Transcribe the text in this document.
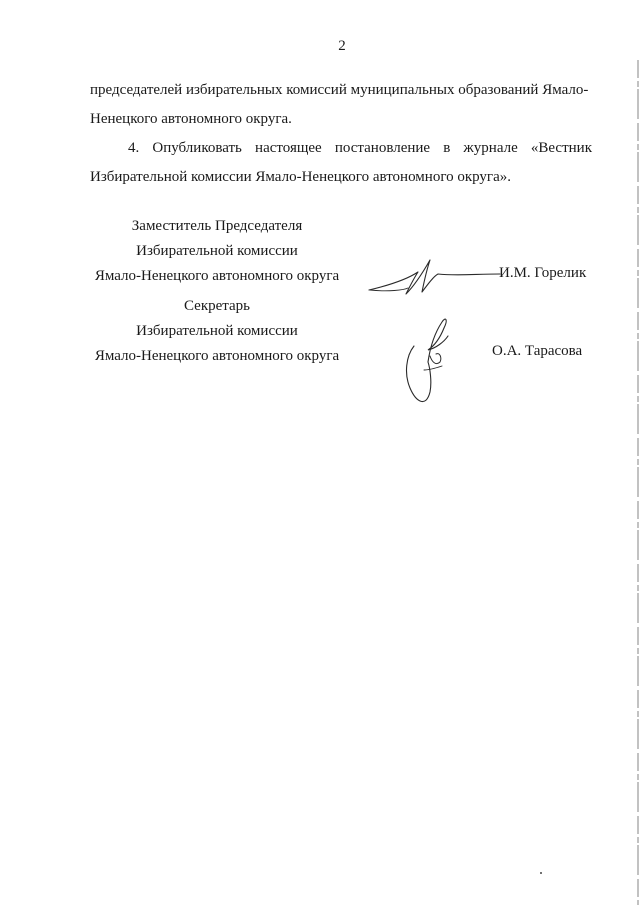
2

председателей избирательных комиссий муниципальных образований Ямало-
Ненецкого автономного округа.

4. Опубликовать настоящее постановление в журнале «Вестник
Избирательной комиссии Ямало-Ненецкого автономного округа».

Заместитель Председателя
Избирательной комиссии
Ямало-Ненецкого автономного округа	И.М. Горелик
Секретарь
Избирательной комиссии
Ямало-Ненецкого автономного округа	О.А. Тарасова
